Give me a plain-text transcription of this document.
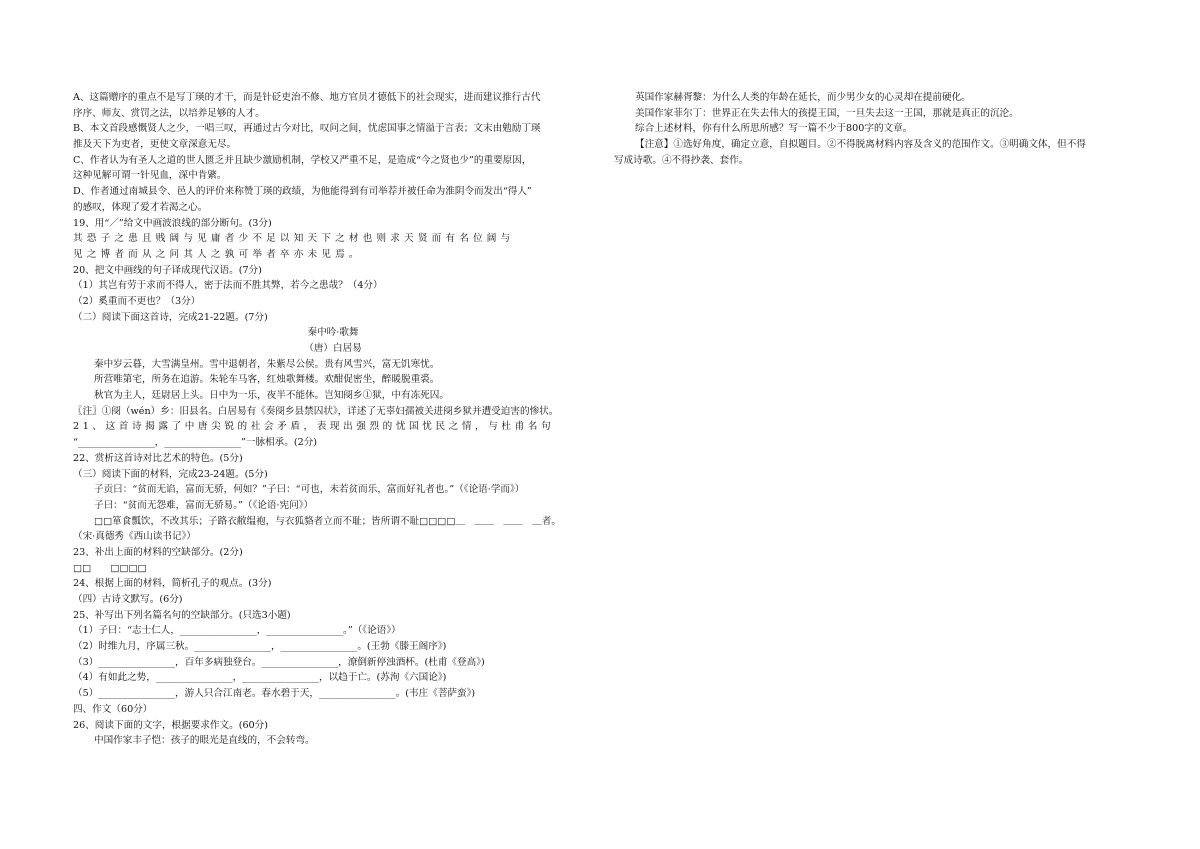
A、这篇赠序的重点不是写丁瑛的才干，而是针砭吏治不修、地方官员才德低下的社会现实，进而建议推行古代
序序、师友、赏罚之法，以培养足够的人才。
B、本文首段感慨贤人之少，一唱三叹，再通过古今对比，叹问之间，忧虑国事之情溢于言表；文末由勉励丁瑛
推及天下为吏者，更使文章深意无尽。
C、作者认为有圣人之道的世人匮乏并且缺少激励机制，学校又严重不足，是造成“今之贤也少”的重要原因，
这种见解可谓一针见血，深中肯綮。
D、作者通过南城县令、邑人的评价来称赞丁瑛的政绩，为他能得到有司举荐并被任命为淮阴令而发出“得人”
的感叹，体现了爱才若渴之心。
19、用“／”给文中画波浪线的部分断句。(3分)
其恐子之患且贱阔与见庸者少不足以知天下之材也则求天贤而有名位阔与
见之博者而从之问其人之孰可举者卒亦未见焉。
20、把文中画线的句子译成现代汉语。(7分)
（1）其岂有劳于求而不得人，密于法而不胜其弊，若今之患哉？（4分）
（2）奚重而不更也？（3分）
（二）阅读下面这首诗，完成21-22题。(7分)
秦中吟·歌舞
（唐）白居易
秦中岁云暮，大雪满皇州。雪中退朝者，朱紫尽公侯。贵有风雪兴，富无饥寒忧。
所营唯第宅，所务在追游。朱轮车马客，红烛歌舞楼。欢酣促密坐，醉暖脱重裘。
秋官为主人，廷尉居上头。日中为一乐，夜半不能休。岂知阌乡①狱，中有冻死囚。
〖注〗①阌（wén）乡：旧县名。白居易有《奏阌乡县禁囚状》，详述了无辜妇孺被关进阌乡狱并遭受迫害的惨状。
21、这首诗揭露了中唐尖锐的社会矛盾，表现出强烈的忧国忧民之情，与杜甫名句
“________________，________________”一脉相承。(2分)
22、赏析这首诗对比艺术的特色。(5分)
（三）阅读下面的材料，完成23-24题。(5分)
子贡曰：“贫而无谄，富而无骄，何如？”子曰：“可也，未若贫而乐，富而好礼者也。”（《论语·学而》）
子曰：“贫而无怨难，富而无骄易。”（《论语·宪问》）
□□箪食瓢饮，不改其乐；子路衣敝缊袍，与衣狐貉者立而不耻；皆所谓不耻□□□□＿　＿＿　＿＿　＿者。
（宋·真德秀《西山读书记》）
23、补出上面的材料的空缺部分。(2分)
□□　　□□□□
24、根据上面的材料，简析孔子的观点。(3分)
（四）古诗文默写。(6分)
25、补写出下列名篇名句的空缺部分。(只选3小题)
（1）子曰：“志士仁人，________________，________________。”（《论语》）
（2）时维九月，序属三秋。________________，________________。(王勃《滕王阁序》)
（3）________________，百年多病独登台。________________，潦倒新停浊酒杯。(杜甫《登高》)
（4）有如此之势，________________，________________，以趋于亡。(苏洵《六国论》)
（5）________________，游人只合江南老。春水碧于天，________________。(韦庄《菩萨蛮》)
四、作文（60分）
26、阅读下面的文字，根据要求作文。(60分)
中国作家丰子恺：孩子的眼光是直线的，不会转弯。
英国作家赫胥黎：为什么人类的年龄在延长，而少男少女的心灵却在提前硬化。
美国作家菲尔丁：世界正在失去伟大的孩提王国，一旦失去这一王国，那就是真正的沉沦。
综合上述材料，你有什么所思所感？写一篇不少于800字的文章。
【注意】①选好角度，确定立意，自拟题目。②不得脱离材料内容及含义的范围作文。③明确文体，但不得
写成诗歌。④不得抄袭、套作。
